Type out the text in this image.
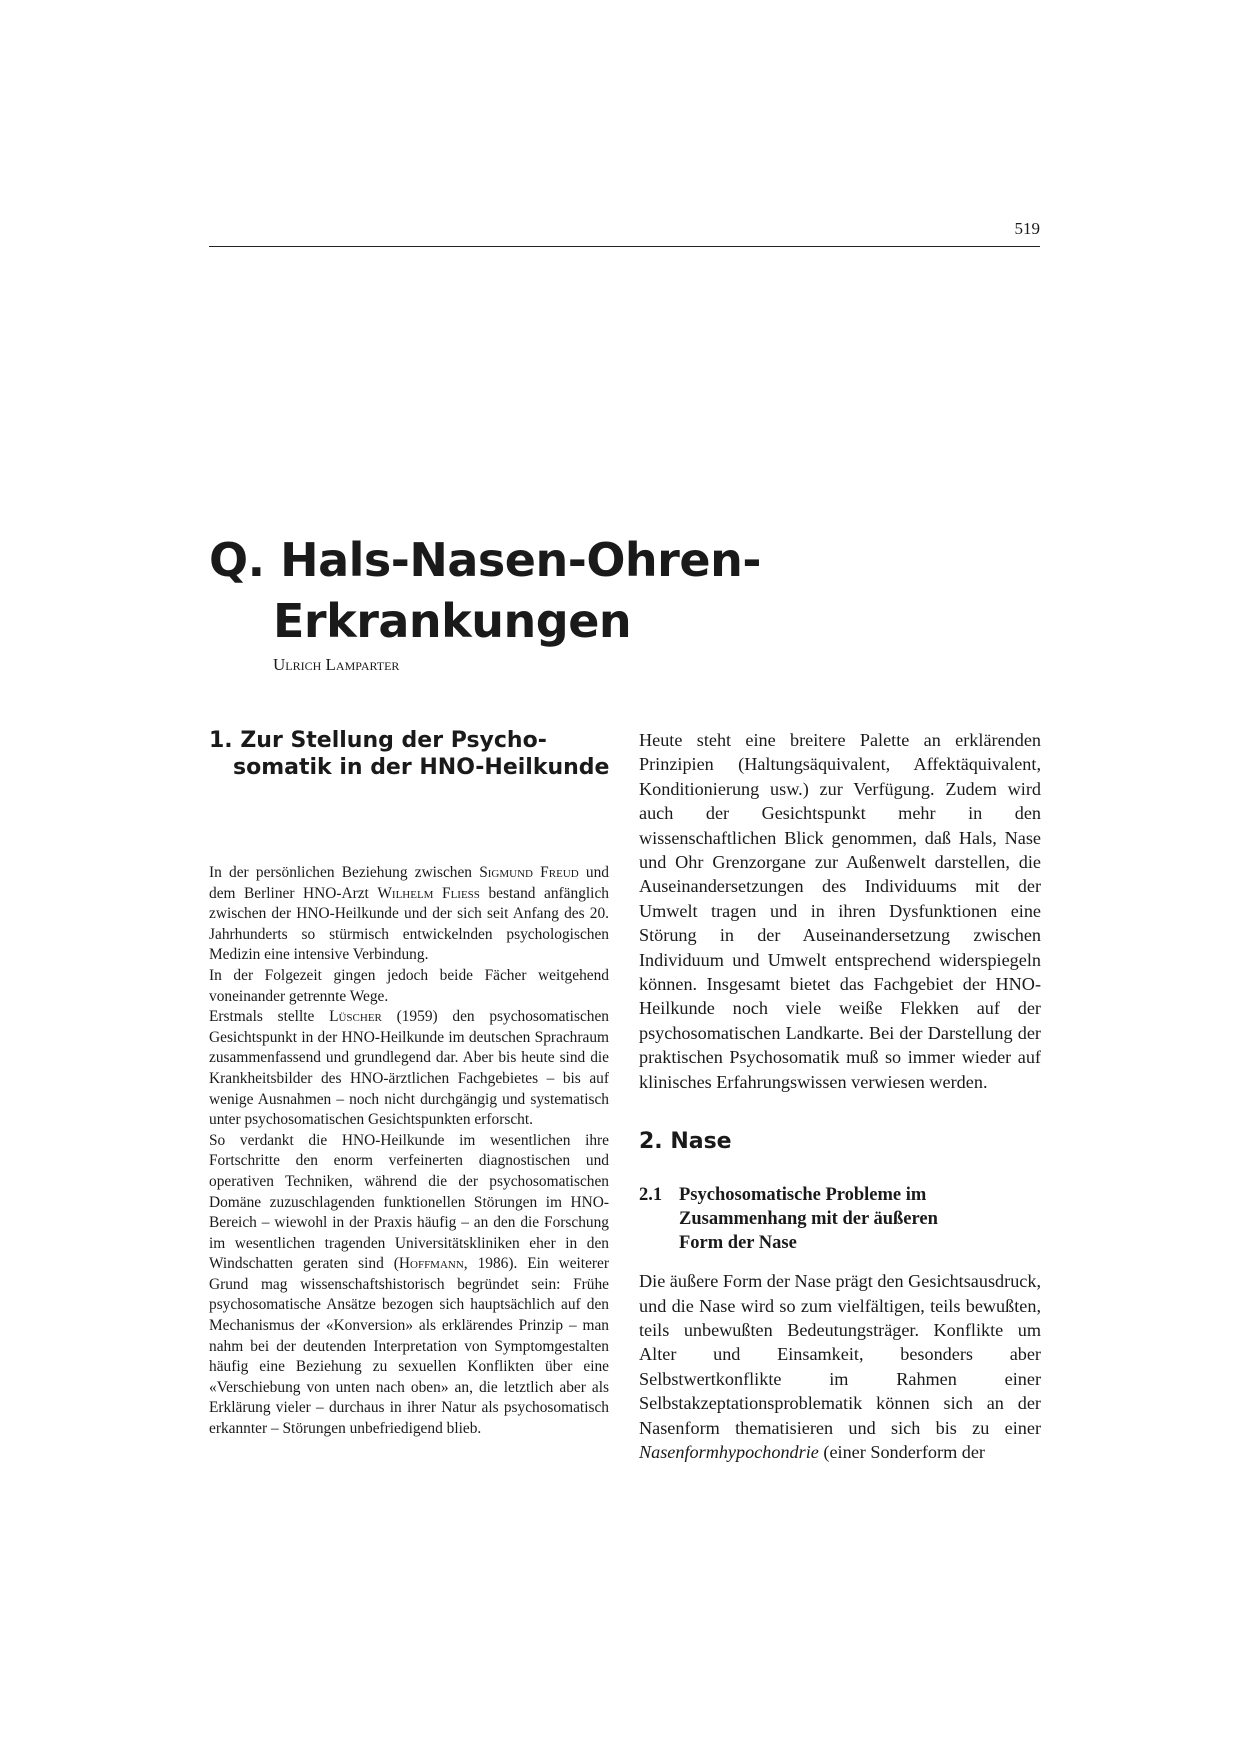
519
Q. Hals-Nasen-Ohren-
Erkrankungen

Ulrich Lamparter

1. Zur Stellung der Psycho-
somatik in der HNO-Heilkunde

In der persönlichen Beziehung zwischen Sigmund Freud und dem Berliner HNO-Arzt Wilhelm Fliess bestand anfänglich zwischen der HNO-Heilkunde und der sich seit Anfang des 20. Jahrhunderts so stürmisch entwickelnden psychologischen Medizin eine intensive Verbindung.

In der Folgezeit gingen jedoch beide Fächer weitgehend voneinander getrennte Wege.

Erstmals stellte Lüscher (1959) den psychosomatischen Gesichtspunkt in der HNO-Heilkunde im deutschen Sprachraum zusammenfassend und grundlegend dar. Aber bis heute sind die Krankheitsbilder des HNO-ärztlichen Fachgebietes – bis auf wenige Ausnahmen – noch nicht durchgängig und systematisch unter psychosomatischen Gesichtspunkten erforscht.

So verdankt die HNO-Heilkunde im wesentlichen ihre Fortschritte den enorm verfeinerten diagnostischen und operativen Techniken, während die der psychosomatischen Domäne zuzuschlagenden funktionellen Störungen im HNO-Bereich – wiewohl in der Praxis häufig – an den die Forschung im wesentlichen tragenden Universitätskliniken eher in den Windschatten geraten sind (Hoffmann, 1986). Ein weiterer Grund mag wissenschaftshistorisch begründet sein: Frühe psychosomatische Ansätze bezogen sich hauptsächlich auf den Mechanismus der «Konversion» als erklärendes Prinzip – man nahm bei der deutenden Interpretation von Symptomgestalten häufig eine Beziehung zu sexuellen Konflikten über eine «Verschiebung von unten nach oben» an, die letztlich aber als Erklärung vieler – durchaus in ihrer Natur als psychosomatisch erkannter – Störungen unbefriedigend blieb.

Heute steht eine breitere Palette an erklärenden Prinzipien (Haltungsäquivalent, Affektäquivalent, Konditionierung usw.) zur Verfügung. Zudem wird auch der Gesichtspunkt mehr in den wissenschaftlichen Blick genommen, daß Hals, Nase und Ohr Grenzorgane zur Außenwelt darstellen, die Auseinandersetzungen des Individuums mit der Umwelt tragen und in ihren Dysfunktionen eine Störung in der Auseinandersetzung zwischen Individuum und Umwelt entsprechend widerspiegeln können. Insgesamt bietet das Fachgebiet der HNO-Heilkunde noch viele weiße Flekken auf der psychosomatischen Landkarte. Bei der Darstellung der praktischen Psychosomatik muß so immer wieder auf klinisches Erfahrungswissen verwiesen werden.

2. Nase
2.1 Psychosomatische Probleme im
Zusammenhang mit der äußeren
Form der Nase

Die äußere Form der Nase prägt den Gesichtsausdruck, und die Nase wird so zum vielfältigen, teils bewußten, teils unbewußten Bedeutungsträger. Konflikte um Alter und Einsamkeit, besonders aber Selbstwertkonflikte im Rahmen einer Selbstakzeptationsproblematik können sich an der Nasenform thematisieren und sich bis zu einer Nasenformhypochondrie (einer Sonderform der
